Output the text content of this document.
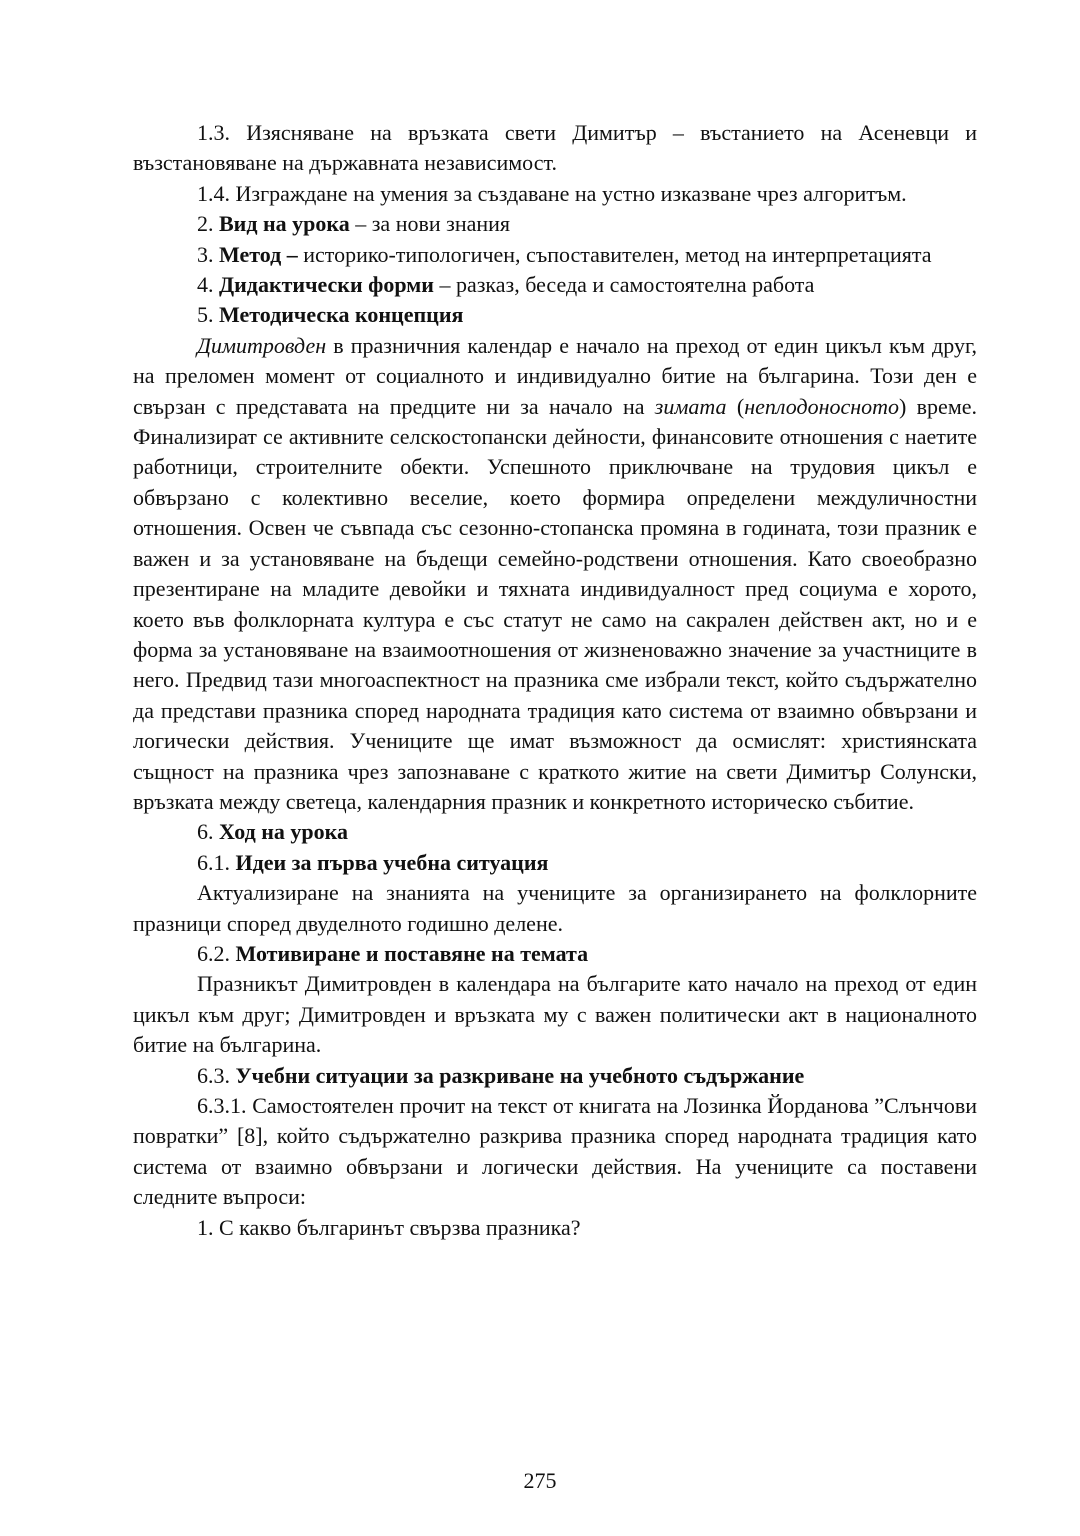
1.3. Изясняване на връзката свети Димитър – въстанието на Асеневци и възстановяване на държавната независимост.

1.4. Изграждане на умения за създаване на устно изказване чрез алгоритъм.

2. Вид на урока – за нови знания

3. Метод – историко-типологичен, съпоставителен, метод на интерпретацията

4. Дидактически форми – разказ, беседа и самостоятелна работа

5. Методическа концепция

Димитровден в празничния календар е начало на преход от един цикъл към друг, на преломен момент от социалното и индивидуално битие на българина. Този ден е свързан с представата на предците ни за начало на зимата (неплодоносното) време. Финализират се активните селскостопански дейности, финансовите отношения с наетите работници, строителните обекти. Успешното приключване на трудовия цикъл е обвързано с колективно веселие, което формира определени междуличностни отношения. Освен че съвпада със сезонно-стопанска промяна в годината, този празник е важен и за установяване на бъдещи семейно-родствени отношения. Като своеобразно презентиране на младите девойки и тяхната индивидуалност пред социума е хорото, което във фолклорната култура е със статут не само на сакрален действен акт, но и е форма за установяване на взаимоотношения от жизненоважно значение за участниците в него. Предвид тази многоаспектност на празника сме избрали текст, който съдържателно да представи празника според народната традиция като система от взаимно обвързани и логически действия. Учениците ще имат възможност да осмислят: християнската същност на празника чрез запознаване с краткото житие на свети Димитър Солунски, връзката между светеца, календарния празник и конкретното историческо събитие.

6. Ход на урока

6.1. Идеи за първа учебна ситуация

Актуализиране на знанията на учениците за организирането на фолклорните празници според двуделното годишно делене.

6.2. Мотивиране и поставяне на темата

Празникът Димитровден в календара на българите като начало на преход от един цикъл към друг; Димитровден и връзката му с важен политически акт в националното битие на българина.

6.3. Учебни ситуации за разкриване на учебното съдържание

6.3.1. Самостоятелен прочит на текст от книгата на Лозинка Йорданова ”Слънчови повратки” [8], който съдържателно разкрива празника според народната традиция като система от взаимно обвързани и логически действия. На учениците са поставени следните въпроси:

1. С какво българинът свързва празника?

275
